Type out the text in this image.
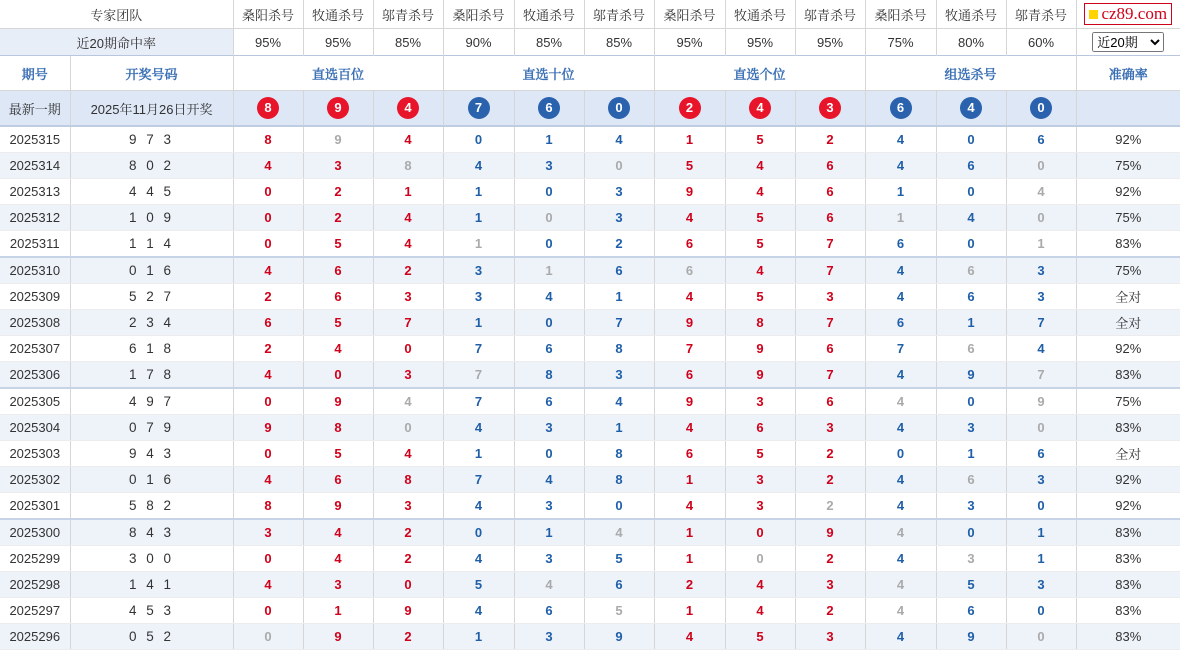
专家团队		桑阳杀号	牧通杀号	邬青杀号	桑阳杀号	牧通杀号	邬青杀号	桑阳杀号	牧通杀号	邬青杀号	桑阳杀号	牧通杀号	邬青杀号	cz89.com

近20期命中率		95%	95%	85%	90%	85%	85%	95%	95%	95%	75%	80%	60%	
近20期
期号	开奖号码	直选百位			直选十位			直选个位			组选杀号			准确率
最新一期	2025年11月26日开奖	8	9	4	7	6	0	2	4	3	6	4	0	
2025315	9 7 3	8	9	4	0	1	4	1	5	2	4	0	6	92%
2025314	8 0 2	4	3	8	4	3	0	5	4	6	4	6	0	75%
2025313	4 4 5	0	2	1	1	0	3	9	4	6	1	0	4	92%
2025312	1 0 9	0	2	4	1	0	3	4	5	6	1	4	0	75%
2025311	1 1 4	0	5	4	1	0	2	6	5	7	6	0	1	83%
2025310	0 1 6	4	6	2	3	1	6	6	4	7	4	6	3	75%
2025309	5 2 7	2	6	3	3	4	1	4	5	3	4	6	3	全对
2025308	2 3 4	6	5	7	1	0	7	9	8	7	6	1	7	全对
2025307	6 1 8	2	4	0	7	6	8	7	9	6	7	6	4	92%
2025306	1 7 8	4	0	3	7	8	3	6	9	7	4	9	7	83%
2025305	4 9 7	0	9	4	7	6	4	9	3	6	4	0	9	75%
2025304	0 7 9	9	8	0	4	3	1	4	6	3	4	3	0	83%
2025303	9 4 3	0	5	4	1	0	8	6	5	2	0	1	6	全对
2025302	0 1 6	4	6	8	7	4	8	1	3	2	4	6	3	92%
2025301	5 8 2	8	9	3	4	3	0	4	3	2	4	3	0	92%
2025300	8 4 3	3	4	2	0	1	4	1	0	9	4	0	1	83%
2025299	3 0 0	0	4	2	4	3	5	1	0	2	4	3	1	83%
2025298	1 4 1	4	3	0	5	4	6	2	4	3	4	5	3	83%
2025297	4 5 3	0	1	9	4	6	5	1	4	2	4	6	0	83%
2025296	0 5 2	0	9	2	1	3	9	4	5	3	4	9	0	83%
